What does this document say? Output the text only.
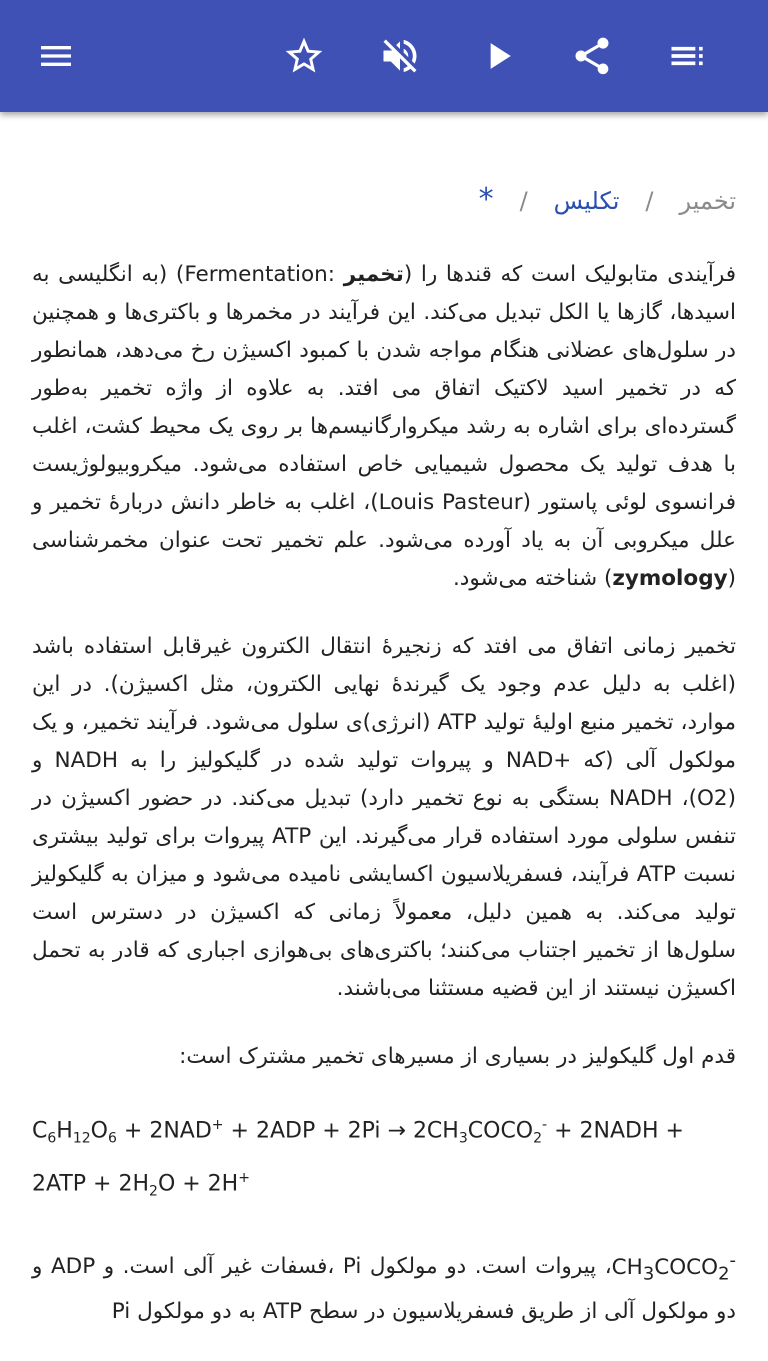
تخمیر/تکلیس/*

فرآیندی متابولیک است که قندها را (تخمیر :Fermentation) (به انگلیسی به اسیدها، گازها یا الکل تبدیل می‌کند. این فرآیند در مخمرها و باکتری‌ها و همچنین در سلول‌های عضلانی هنگام مواجه شدن با کمبود اکسیژن رخ می‌دهد، همانطور که در تخمیر اسید لاکتیک اتفاق می افتد. به علاوه از واژه تخمیر به‌طور گسترده‌ای برای اشاره به رشد میکروارگانیسم‌ها بر روی یک محیط کشت، اغلب با هدف تولید یک محصول شیمیایی خاص استفاده می‌شود. میکروبیولوژیست فرانسوی لوئی پاستور (Louis Pasteur)، اغلب به خاطر دانش دربارهٔ تخمیر و علل میکروبی آن به یاد آورده می‌شود. علم تخمیر تحت عنوان مخمرشناسی (zymology) شناخته می‌شود.

تخمیر زمانی اتفاق می افتد که زنجیرهٔ انتقال الکترون غیرقابل استفاده باشد (اغلب به دلیل عدم وجود یک گیرندهٔ نهایی الکترون، مثل اکسیژن). در این موارد، تخمیر منبع اولیهٔ تولید ATP (انرژی)ی سلول می‌شود. فرآیند تخمیر، و یک مولکول آلی (که +NAD و پیروات تولید شده در گلیکولیز را به NADH و NADH ،(O2) بستگی به نوع تخمیر دارد) تبدیل می‌کند. در حضور اکسیژن در تنفس سلولی مورد استفاده قرار می‌گیرند. این ATP پیروات برای تولید بیشتری نسبت ATP فرآیند، فسفریلاسیون اکسایشی نامیده می‌شود و میزان به گلیکولیز تولید می‌کند. به همین دلیل، معمولاً زمانی که اکسیژن در دسترس است سلول‌ها از تخمیر اجتناب می‌کنند؛ باکتری‌های بی‌هوازی اجباری که قادر به تحمل اکسیژن نیستند از این قضیه مستثنا می‌باشند.

قدم اول گلیکولیز در بسیاری از مسیرهای تخمیر مشترک است:

$C_6H_{12}O_6 + 2NAD^+ + 2ADP + 2Pi$ → $2CH_3COCO_2^-$ + 2NADH + $2ATP + 2H_2O + 2H^+$

$CH_3COCO_2^-،$ پیروات است. دو مولکول Pi ،فسفات غیر آلی است. و ADP و دو مولکول آلی از طریق فسفریلاسیون در سطح ATP به دو مولکول Pi
